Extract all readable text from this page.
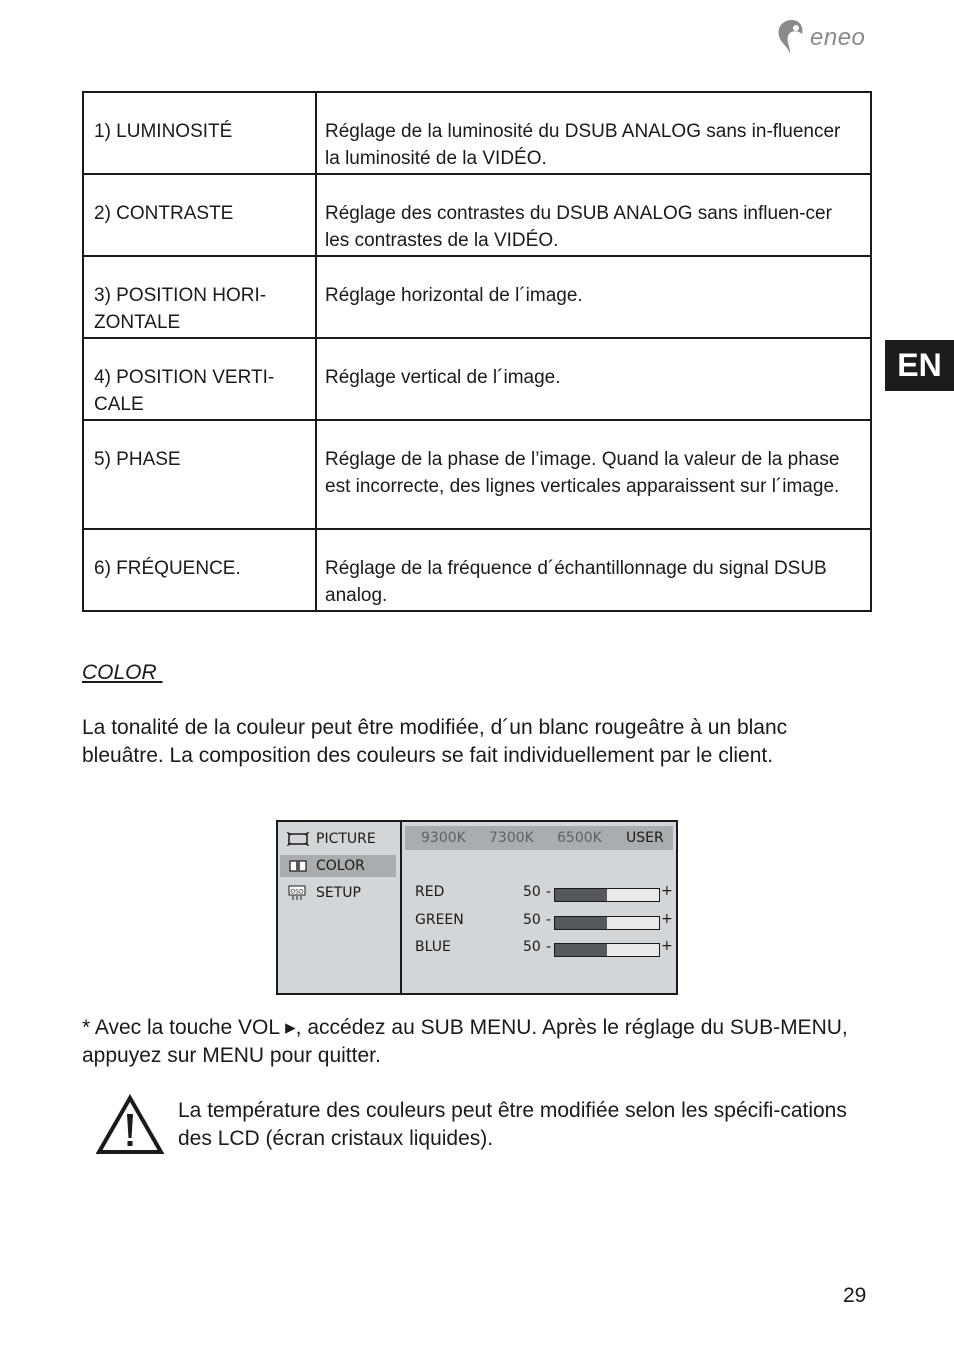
eneo
EN
1) LUMINOSITÉ	Réglage de la luminosité du DSUB ANALOG sans in-fluencer la luminosité de la VIDÉO.

2) CONTRASTE	Réglage des contrastes du DSUB ANALOG sans influen-cer les contrastes de la VIDÉO.

3) POSITION HORI-ZONTALE	Réglage horizontal de l´image.

4) POSITION VERTI-CALE	Réglage vertical de l´image.

5) PHASE	Réglage de la phase de l’image. Quand la valeur de la phase est incorrecte, des lignes verticales apparaissent sur l´image.

6) FRÉQUENCE.	Réglage de la fréquence d´échantillonnage du signal DSUB analog.
COLOR
La tonalité de la couleur peut être modifiée, d´un blanc rougeâtre à un blanc bleuâtre. La composition des couleurs se fait individuellement par le client.
PICTURE
COLOR
OSD SETUP
9300K 7300K 6500K USER
RED	50 -	+
GREEN	50 -	+
BLUE	50 -	+
* Avec la touche VOL ▸, accédez au SUB MENU. Après le réglage du SUB-MENU, appuyez sur MENU pour quitter.
La température des couleurs peut être modifiée selon les spécifi-cations des LCD (écran cristaux liquides).
29
